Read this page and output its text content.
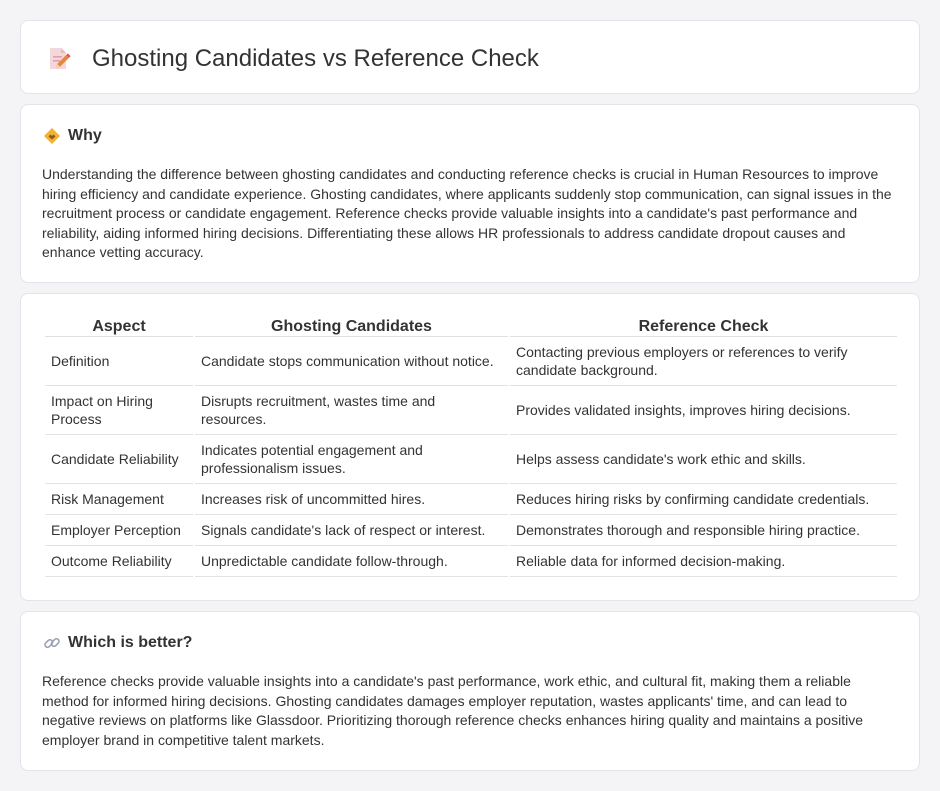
Ghosting Candidates vs Reference Check
Why

Understanding the difference between ghosting candidates and conducting reference checks is crucial in Human Resources to improve hiring efficiency and candidate experience. Ghosting candidates, where applicants suddenly stop communication, can signal issues in the recruitment process or candidate engagement. Reference checks provide valuable insights into a candidate's past performance and reliability, aiding informed hiring decisions. Differentiating these allows HR professionals to address candidate dropout causes and enhance vetting accuracy.

Aspect	Ghosting Candidates	Reference Check
Definition	Candidate stops communication without notice.	Contacting previous employers or references to verify candidate background.
Impact on Hiring Process	Disrupts recruitment, wastes time and resources.	Provides validated insights, improves hiring decisions.
Candidate Reliability	Indicates potential engagement and professionalism issues.	Helps assess candidate's work ethic and skills.
Risk Management	Increases risk of uncommitted hires.	Reduces hiring risks by confirming candidate credentials.
Employer Perception	Signals candidate's lack of respect or interest.	Demonstrates thorough and responsible hiring practice.
Outcome Reliability	Unpredictable candidate follow-through.	Reliable data for informed decision-making.
Which is better?

Reference checks provide valuable insights into a candidate's past performance, work ethic, and cultural fit, making them a reliable method for informed hiring decisions. Ghosting candidates damages employer reputation, wastes applicants' time, and can lead to negative reviews on platforms like Glassdoor. Prioritizing thorough reference checks enhances hiring quality and maintains a positive employer brand in competitive talent markets.
